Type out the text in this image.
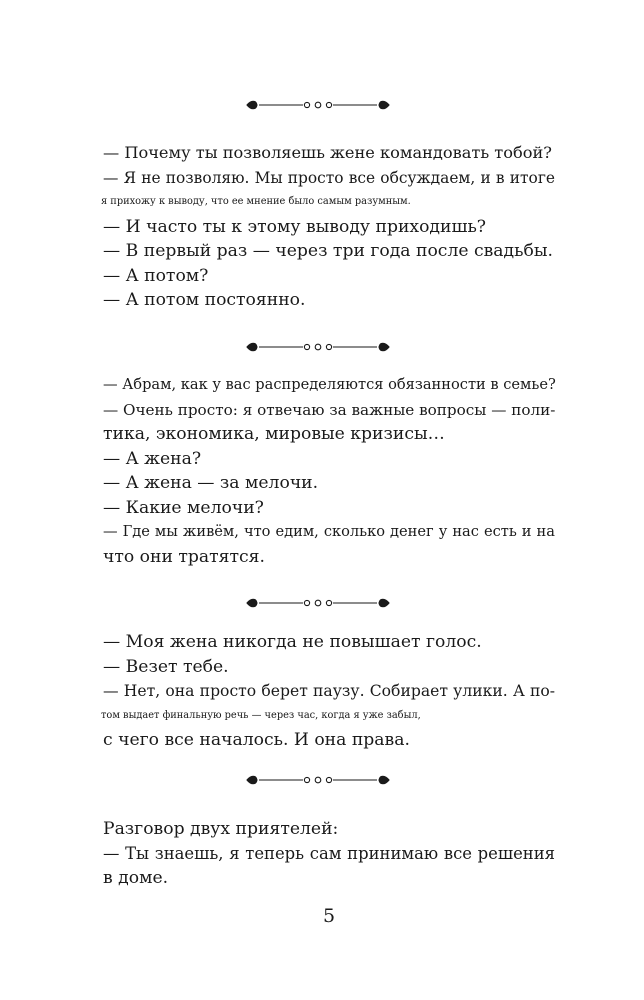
— Почему ты позволяешь жене командовать тобой?
— Я не позволяю. Мы просто все обсуждаем, и в итоге
я прихожу к выводу, что ее мнение было самым разумным.
— И часто ты к этому выводу приходишь?
— В первый раз — через три года после свадьбы.
— А потом?
— А потом постоянно.
— Абрам, как у вас распределяются обязанности в семье?
— Очень просто: я отвечаю за важные вопросы — поли-
тика, экономика, мировые кризисы…
— А жена?
— А жена — за мелочи.
— Какие мелочи?
— Где мы живём, что едим, сколько денег у нас есть и на
что они тратятся.
— Моя жена никогда не повышает голос.
— Везет тебе.
— Нет, она просто берет паузу. Собирает улики. А по-
том выдает финальную речь — через час, когда я уже забыл,
с чего все началось. И она права.
Разговор двух приятелей:
— Ты знаешь, я теперь сам принимаю все решения
в доме.
5
